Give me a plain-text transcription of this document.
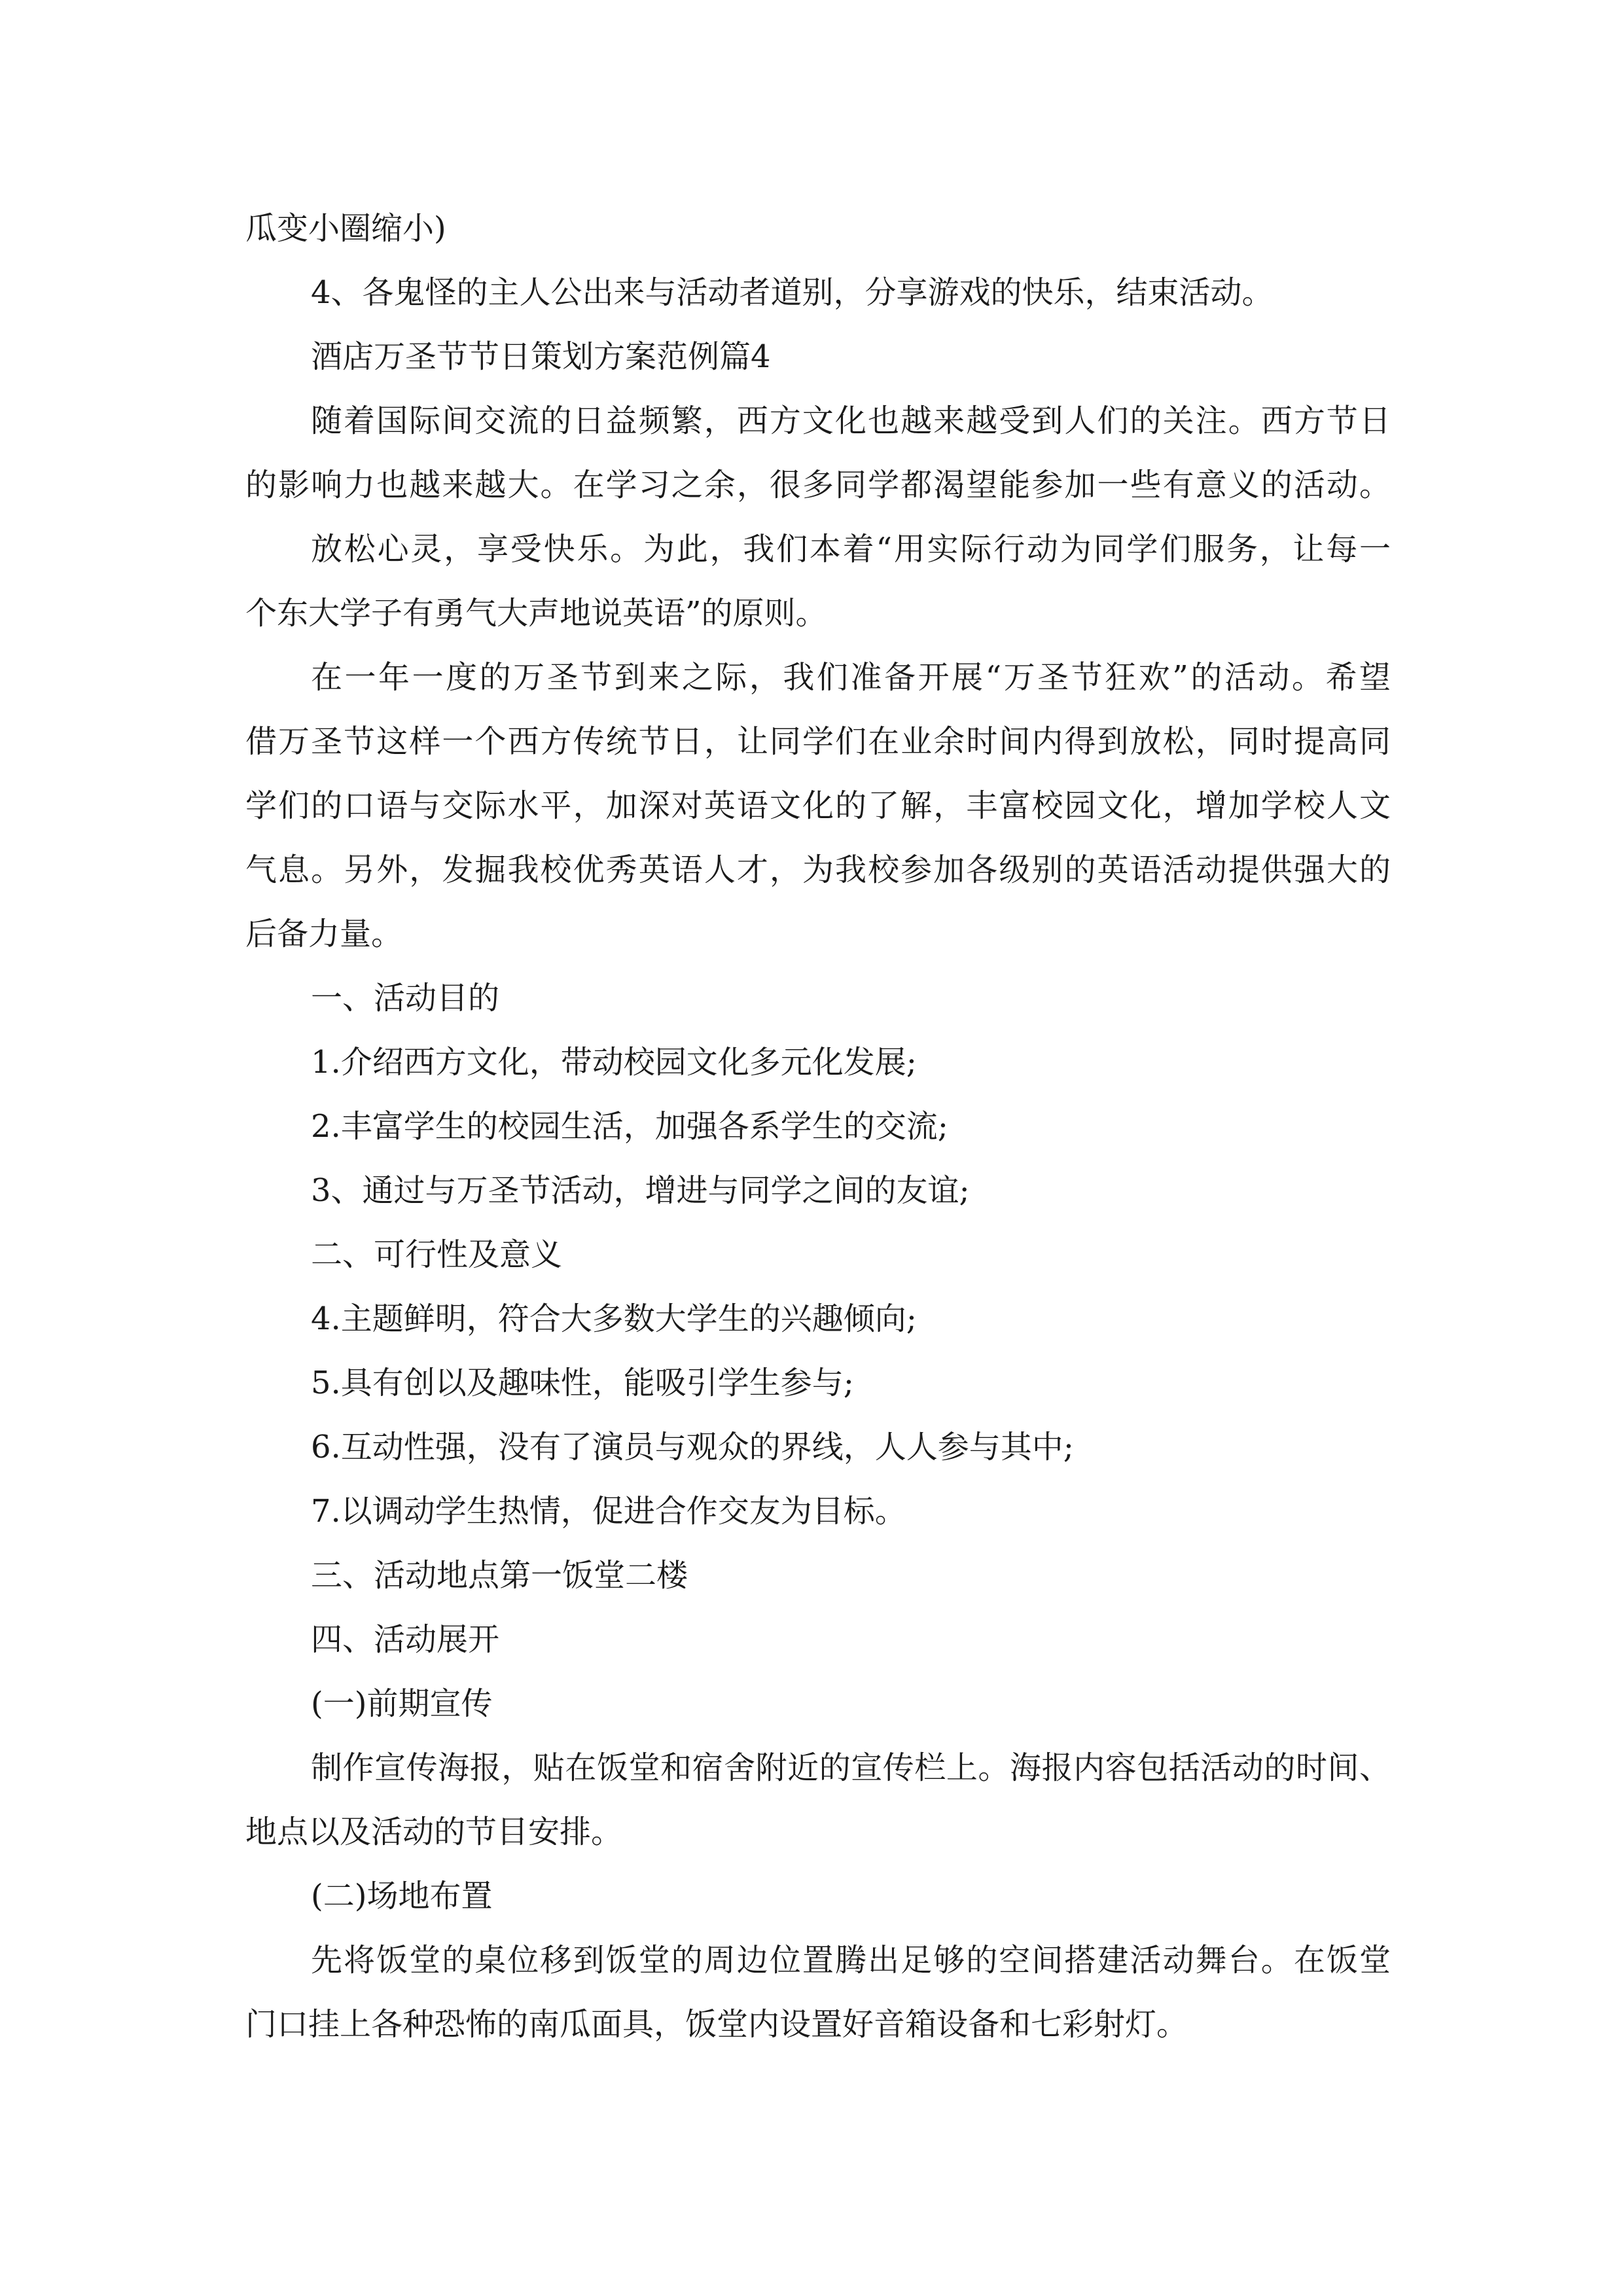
瓜变小圈缩小)
4、各鬼怪的主人公出来与活动者道别，分享游戏的快乐，结束活动。
酒店万圣节节日策划方案范例篇4
随着国际间交流的日益频繁，西方文化也越来越受到人们的关注。西方节日
的影响力也越来越大。在学习之余，很多同学都渴望能参加一些有意义的活动。
放松心灵，享受快乐。为此，我们本着“用实际行动为同学们服务，让每一
个东大学子有勇气大声地说英语”的原则。
在一年一度的万圣节到来之际，我们准备开展“万圣节狂欢”的活动。希望
借万圣节这样一个西方传统节日，让同学们在业余时间内得到放松，同时提高同
学们的口语与交际水平，加深对英语文化的了解，丰富校园文化，增加学校人文
气息。另外，发掘我校优秀英语人才，为我校参加各级别的英语活动提供强大的
后备力量。
一、活动目的
1.介绍西方文化，带动校园文化多元化发展;
2.丰富学生的校园生活，加强各系学生的交流;
3、通过与万圣节活动，增进与同学之间的友谊;
二、可行性及意义
4.主题鲜明，符合大多数大学生的兴趣倾向;
5.具有创以及趣味性，能吸引学生参与;
6.互动性强，没有了演员与观众的界线，人人参与其中;
7.以调动学生热情，促进合作交友为目标。
三、活动地点第一饭堂二楼
四、活动展开
(一)前期宣传
制作宣传海报，贴在饭堂和宿舍附近的宣传栏上。海报内容包括活动的时间、
地点以及活动的节目安排。
(二)场地布置
先将饭堂的桌位移到饭堂的周边位置腾出足够的空间搭建活动舞台。在饭堂
门口挂上各种恐怖的南瓜面具，饭堂内设置好音箱设备和七彩射灯。
